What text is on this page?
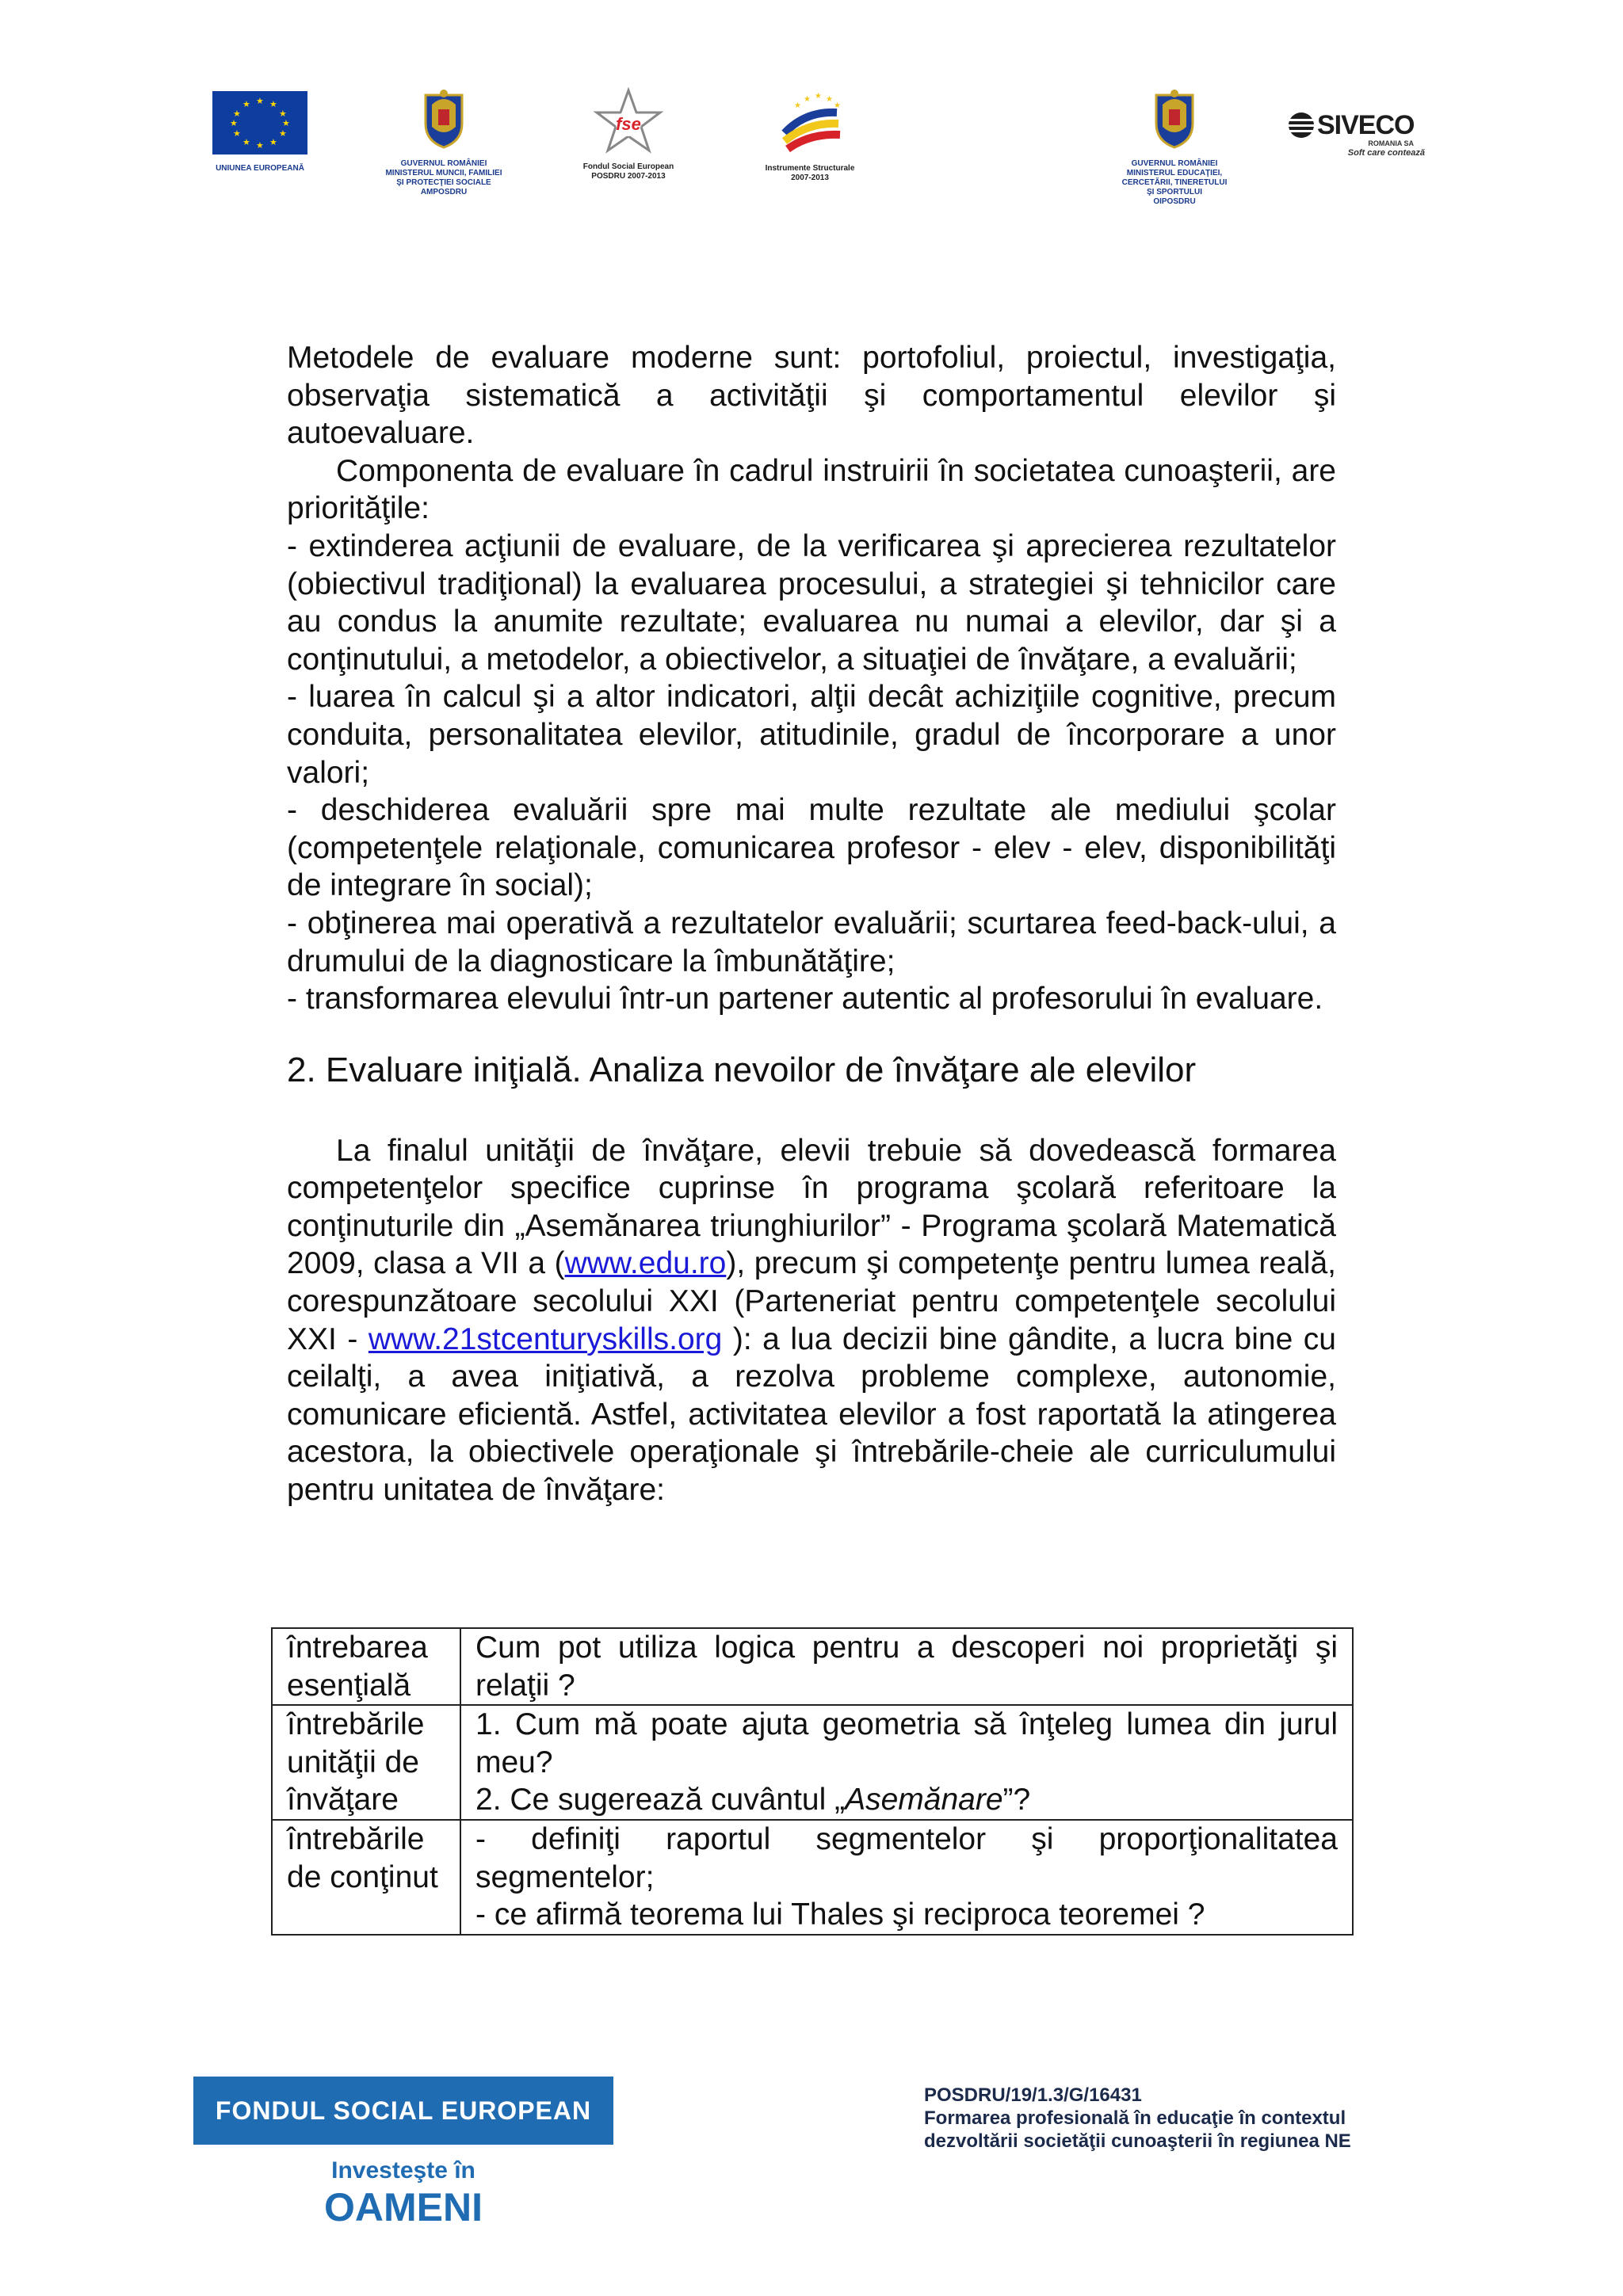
★ ★
★
★
★
★
★
★
★
★
★
★
UNIUNEA EUROPEANĂ
GUVERNUL ROMÂNIEI
MINISTERUL MUNCII, FAMILIEI
ŞI PROTECŢIEI SOCIALE
AMPOSDRU
fse
Fondul Social European
POSDRU 2007-2013
★ ★ ★
★	★
Instrumente Structurale
2007-2013
GUVERNUL ROMÂNIEI
MINISTERUL EDUCAŢIEI,
CERCETĂRII, TINERETULUI
ŞI SPORTULUI
OIPOSDRU
SIVECO
ROMANIA SA
Soft care contează

Metodele de evaluare moderne sunt: portofoliul, proiectul, investigaţia, observaţia sistematică a activităţii şi comportamentul elevilor şi autoevaluare.

Componenta de evaluare în cadrul instruirii în societatea cunoaşterii, are priorităţile:

- extinderea acţiunii de evaluare, de la verificarea şi aprecierea rezultatelor (obiectivul tradiţional) la evaluarea procesului, a strategiei şi tehnicilor care au condus la anumite rezultate; evaluarea nu numai a elevilor, dar şi a conţinutului, a metodelor, a obiectivelor, a situaţiei de învăţare, a evaluării;

- luarea în calcul şi a altor indicatori, alţii decât achiziţiile cognitive, precum conduita, personalitatea elevilor, atitudinile, gradul de încorporare a unor valori;

- deschiderea evaluării spre mai multe rezultate ale mediului şcolar (competenţele relaţionale, comunicarea profesor - elev - elev, disponibilităţi de integrare în social);

- obţinerea mai operativă a rezultatelor evaluării; scurtarea feed-back-ului, a drumului de la diagnosticare la îmbunătăţire;

- transformarea elevului într-un partener autentic al profesorului în evaluare.

2. Evaluare iniţială. Analiza nevoilor de învăţare ale elevilor

La finalul unităţii de învăţare, elevii trebuie să dovedească formarea competenţelor specifice cuprinse în programa şcolară referitoare la conţinuturile din „Asemănarea triunghiurilor” - Programa şcolară Matematică 2009, clasa a VII a (www.edu.ro), precum şi competenţe pentru lumea reală, corespunzătoare secolului XXI (Parteneriat pentru competenţele secolului XXI - www.21stcenturyskills.org ): a lua decizii bine gândite, a lucra bine cu ceilalţi, a avea iniţiativă, a rezolva probleme complexe, autonomie, comunicare eficientă. Astfel, activitatea elevilor a fost raportată la atingerea acestora, la obiectivele operaţionale şi întrebările-cheie ale curriculumului pentru unitatea de învăţare:

întrebarea esenţială	Cum pot utiliza logica pentru a descoperi noi proprietăţi şi relaţii ?
întrebările unităţii de învăţare	1. Cum mă poate ajuta geometria să înţeleg lumea din jurul meu?
2. Ce sugerează cuvântul „Asemănare”?

întrebările de conţinut	- definiţi raportul segmentelor şi proporţionalitatea segmentelor;
- ce afirmă teorema lui Thales şi reciproca teoremei ?
FONDUL SOCIAL EUROPEAN
Investeşte în
OAMENI
POSDRU/19/1.3/G/16431
Formarea profesională în educaţie în contextul
dezvoltării societăţii cunoaşterii în regiunea NE
